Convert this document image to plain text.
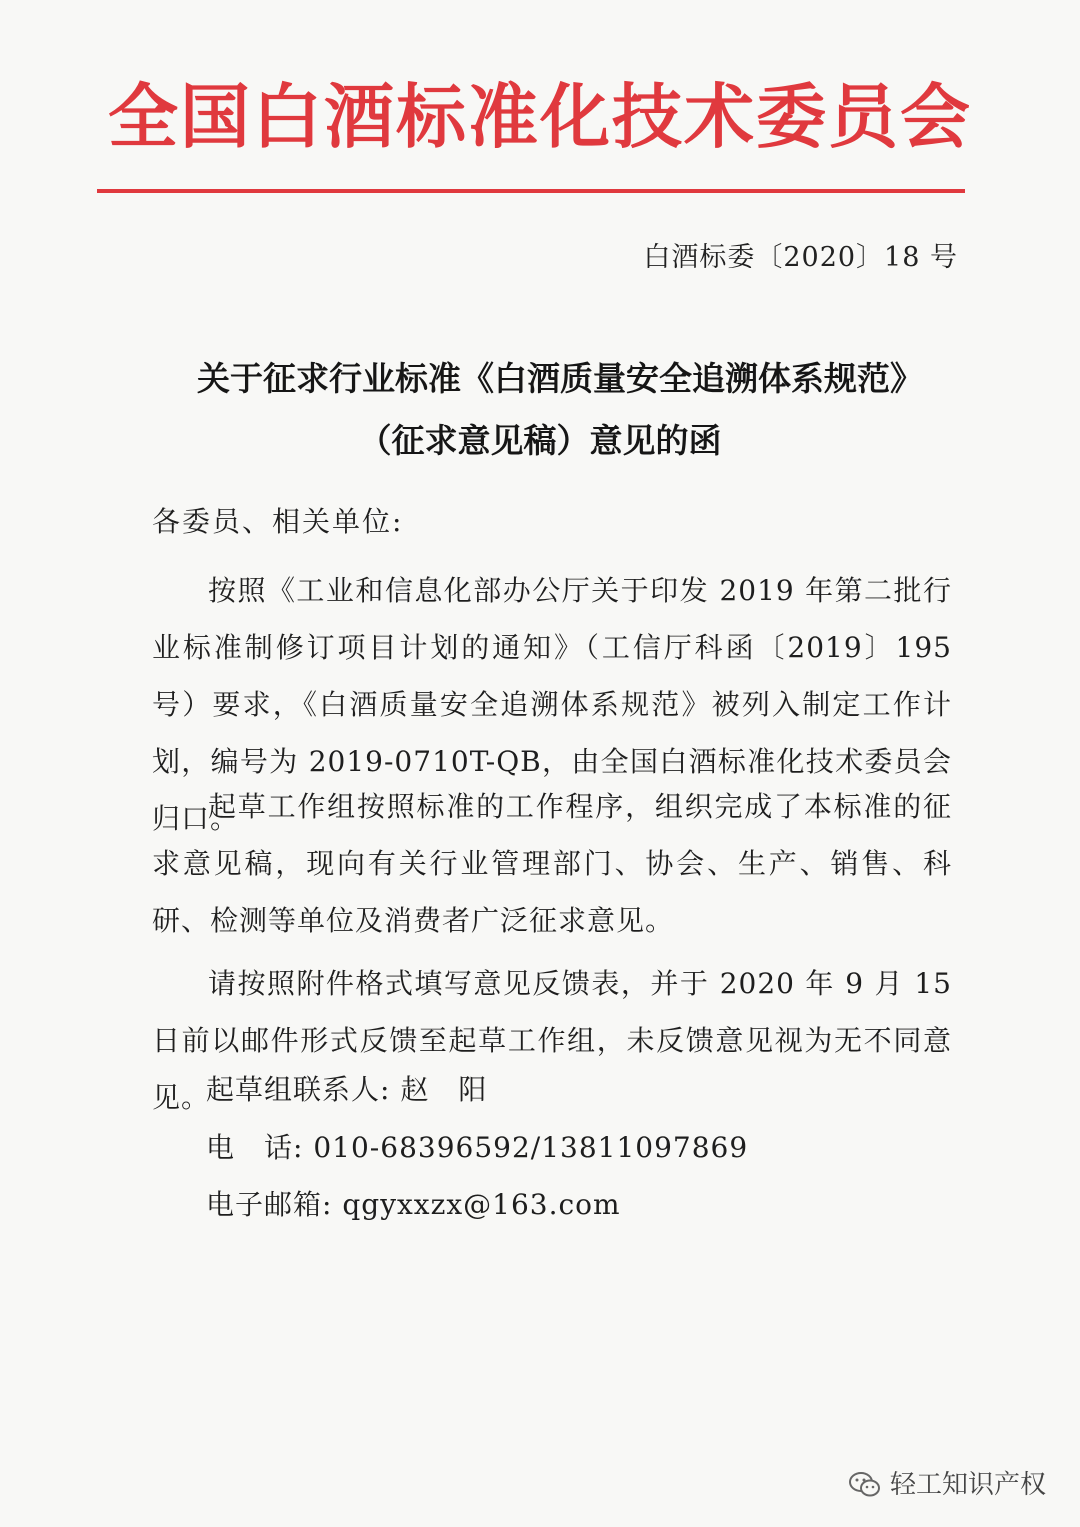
全国白酒标准化技术委员会
白酒标委〔2020〕18 号
关于征求行业标准《白酒质量安全追溯体系规范》
（征求意见稿）意见的函
各委员、相关单位:

按照《工业和信息化部办公厅关于印发 2019 年第二批行业标准制修订项目计划的通知》（工信厅科函〔2019〕195 号）要求，《白酒质量安全追溯体系规范》被列入制定工作计划，编号为 2019-0710T-QB，由全国白酒标准化技术委员会归口。

起草工作组按照标准的工作程序，组织完成了本标准的征求意见稿，现向有关行业管理部门、协会、生产、销售、科研、检测等单位及消费者广泛征求意见。

请按照附件格式填写意见反馈表，并于 2020 年 9 月 15 日前以邮件形式反馈至起草工作组，未反馈意见视为无不同意见。

起草组联系人: 赵　阳
电　话: 010-68396592/13811097869
电子邮箱: qgyxxzx@163.com
轻工知识产权
